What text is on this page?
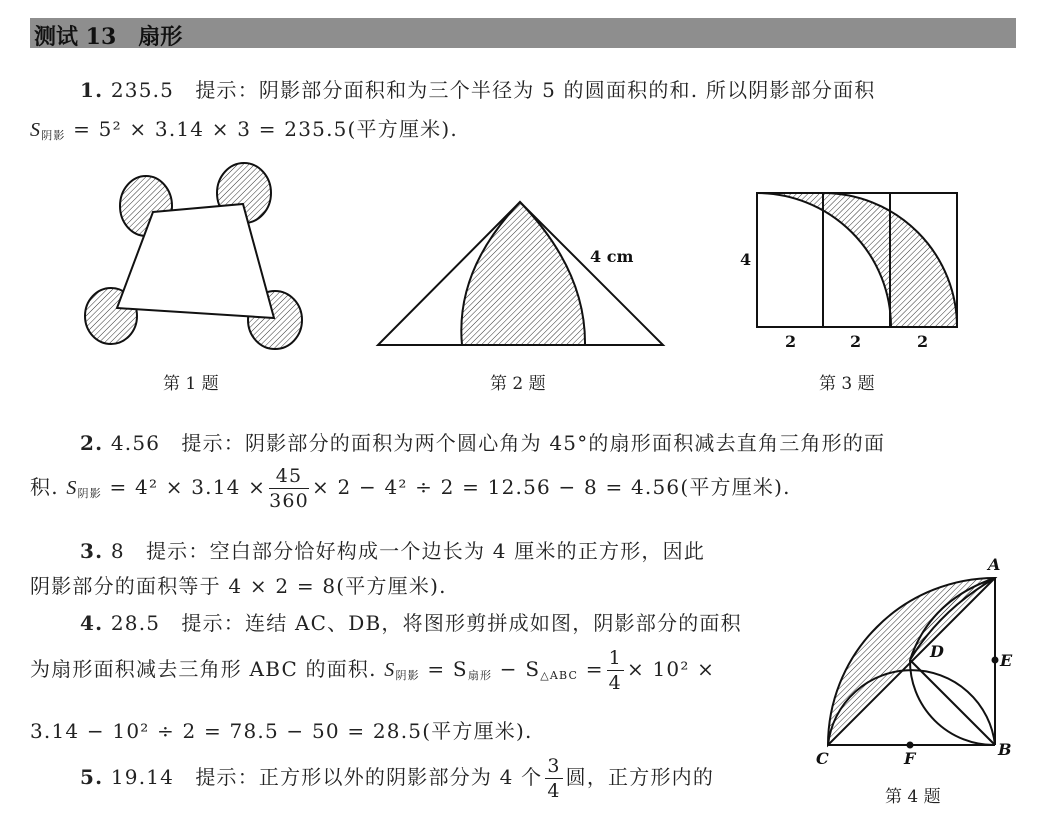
测试 13　扇形
1. 235.5　 提示：阴影部分面积和为三个半径为 5 的圆面积的和. 所以阴影部分面积
$S_{阴影} = 5^2 \times 3.14 \times 3 = 235.5$(平方厘米).
4 cm	4
2	2	2
A
B
C
D	E
F
第 1 题	第 2 题	第 3 题
第 4 题
2. 4.56　 提示：阴影部分的面积为两个圆心角为 45°的扇形面积减去直角三角形的面
积. $S_{阴影} = 4^2 \times 3.14 \times \frac{45}{360} \times 2 - 4^2 \div 2 = 12.56 - 8 = 4.56$(平方厘米).
3. 8　 提示：空白部分恰好构成一个边长为 4 厘米的正方形，因此
阴影部分的面积等于 4 × 2 = 8(平方厘米).
4. 28.5　 提示：连结 AC、DB，将图形剪拼成如图，阴影部分的面积
为扇形面积减去三角形 ABC 的面积. $S_{阴影} = S_{扇形} - S_{\triangle ABC} = \frac{1}{4} \times 10^2$ ×
3.14 − 10² ÷ 2 = 78.5 − 50 = 28.5(平方厘米).
5. 19.14　 提示：正方形以外的阴影部分为 4 个 $\frac{3}{4}$ 圆，正方形内的
